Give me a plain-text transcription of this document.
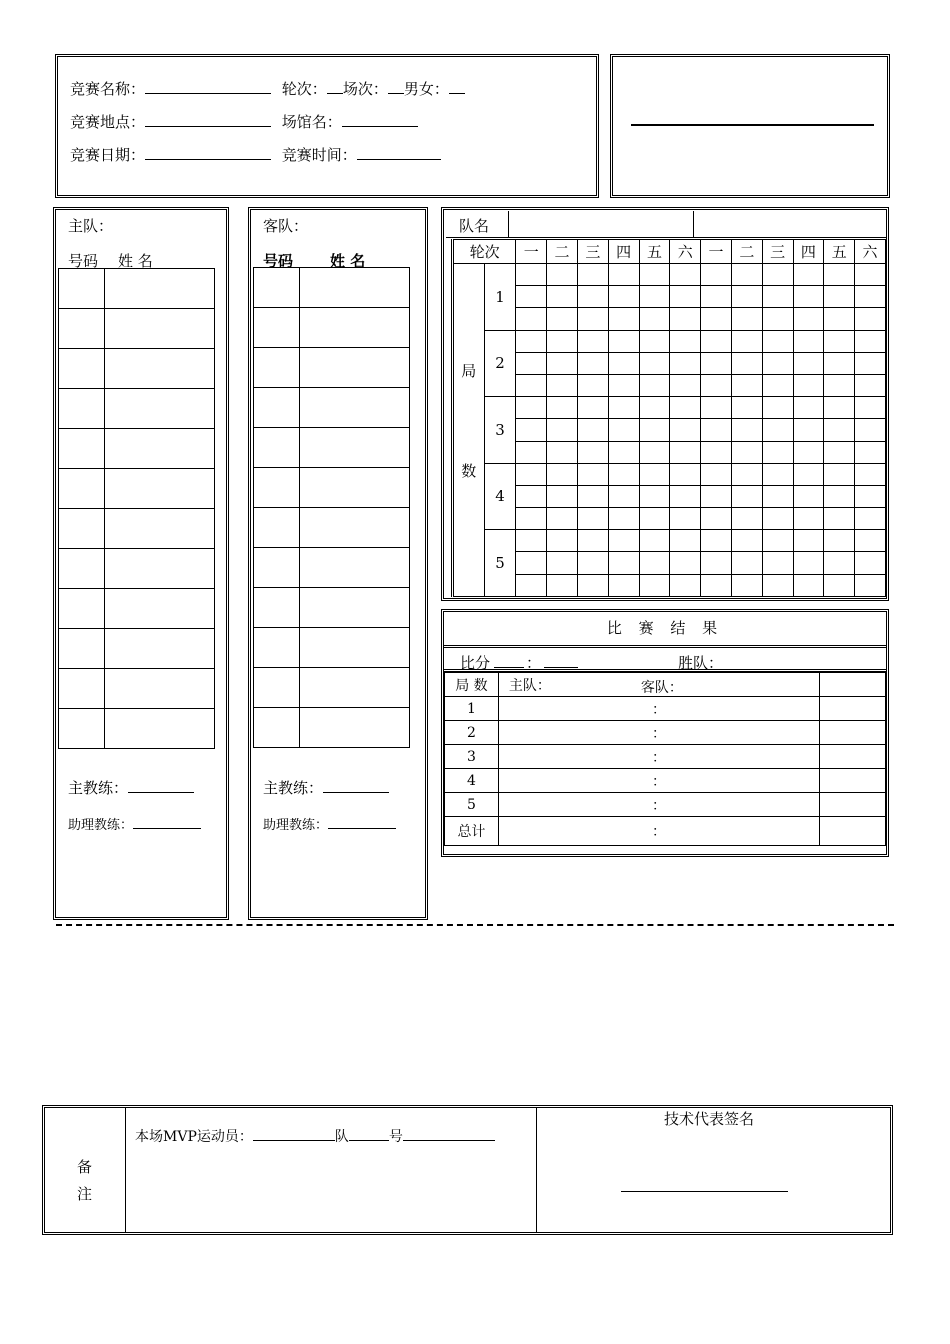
竞赛名称：	轮次： 场次： 男女：
竞赛地点：	场馆名：
竞赛日期：	竞赛时间：
主队：
号码 姓 名

主教练：
助理教练：
客队：
号码 姓 名

主教练：
助理教练：
队名
轮次		一	二	三	四	五	六	一	二	三	四	五	六

局
数	1												

	2												

	3												

	4												

	5												

比 赛 结 果
比分 ：	胜队：
局 数	主队： 客队：	

1	：	
2	：	
3	：	
4	：	
5	：	
总计	：	
备
注
本场MVP运动员：	队	号
技术代表签名
